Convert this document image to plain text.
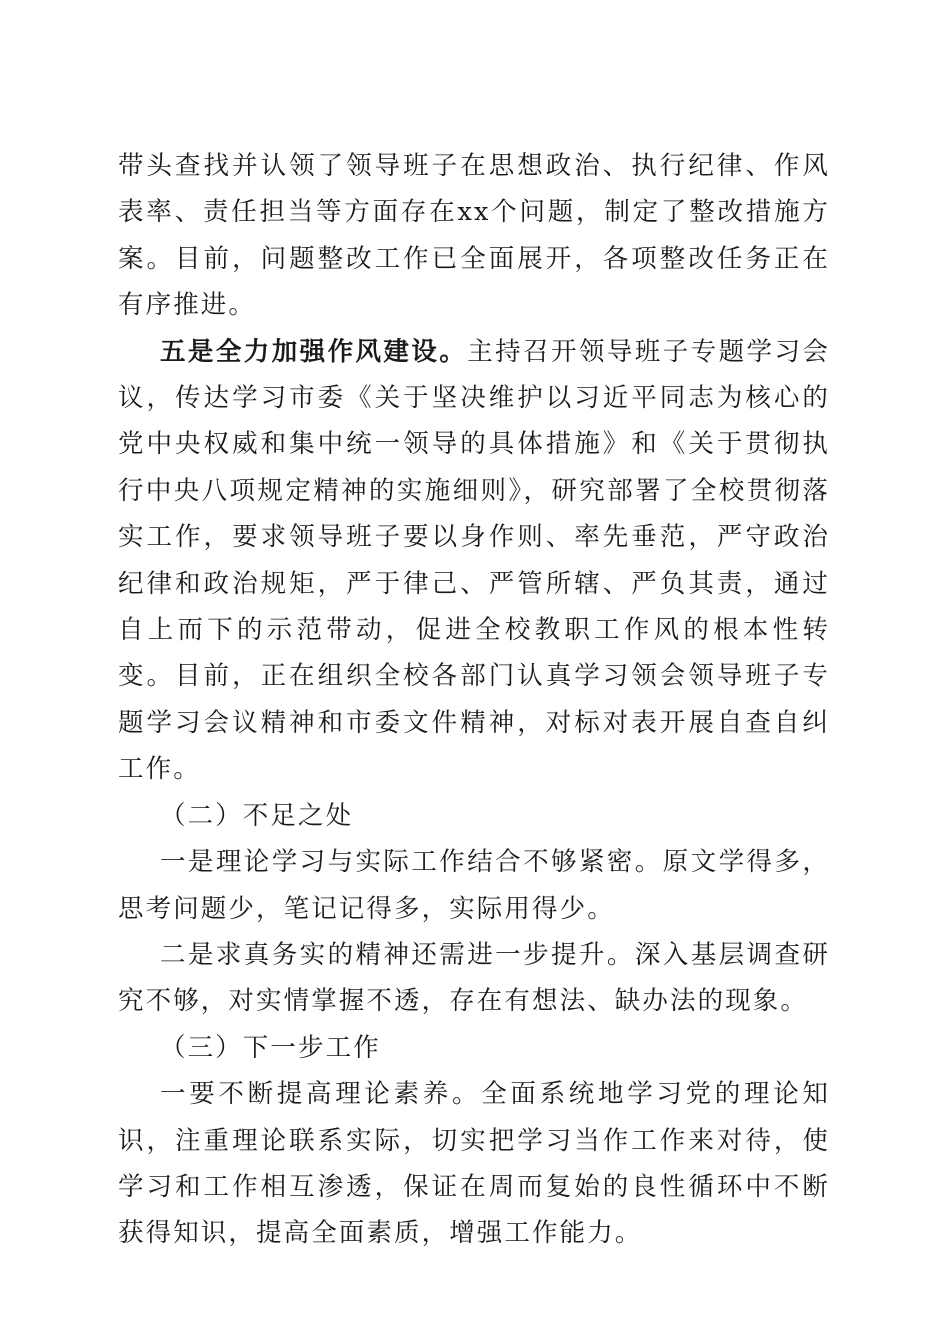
带头查找并认领了领导班子在思想政治、执行纪律、作风表率、责任担当等方面存在xx个问题，制定了整改措施方案。目前，问题整改工作已全面展开，各项整改任务正在有序推进。

五是全力加强作风建设。主持召开领导班子专题学习会议，传达学习市委《关于坚决维护以习近平同志为核心的党中央权威和集中统一领导的具体措施》和《关于贯彻执行中央八项规定精神的实施细则》，研究部署了全校贯彻落实工作，要求领导班子要以身作则、率先垂范，严守政治纪律和政治规矩，严于律己、严管所辖、严负其责，通过自上而下的示范带动，促进全校教职工作风的根本性转变。目前，正在组织全校各部门认真学习领会领导班子专题学习会议精神和市委文件精神，对标对表开展自查自纠工作。

（二）不足之处

一是理论学习与实际工作结合不够紧密。原文学得多，思考问题少，笔记记得多，实际用得少。

二是求真务实的精神还需进一步提升。深入基层调查研究不够，对实情掌握不透，存在有想法、缺办法的现象。

（三）下一步工作

一要不断提高理论素养。全面系统地学习党的理论知识，注重理论联系实际，切实把学习当作工作来对待，使学习和工作相互渗透，保证在周而复始的良性循环中不断获得知识，提高全面素质，增强工作能力。
